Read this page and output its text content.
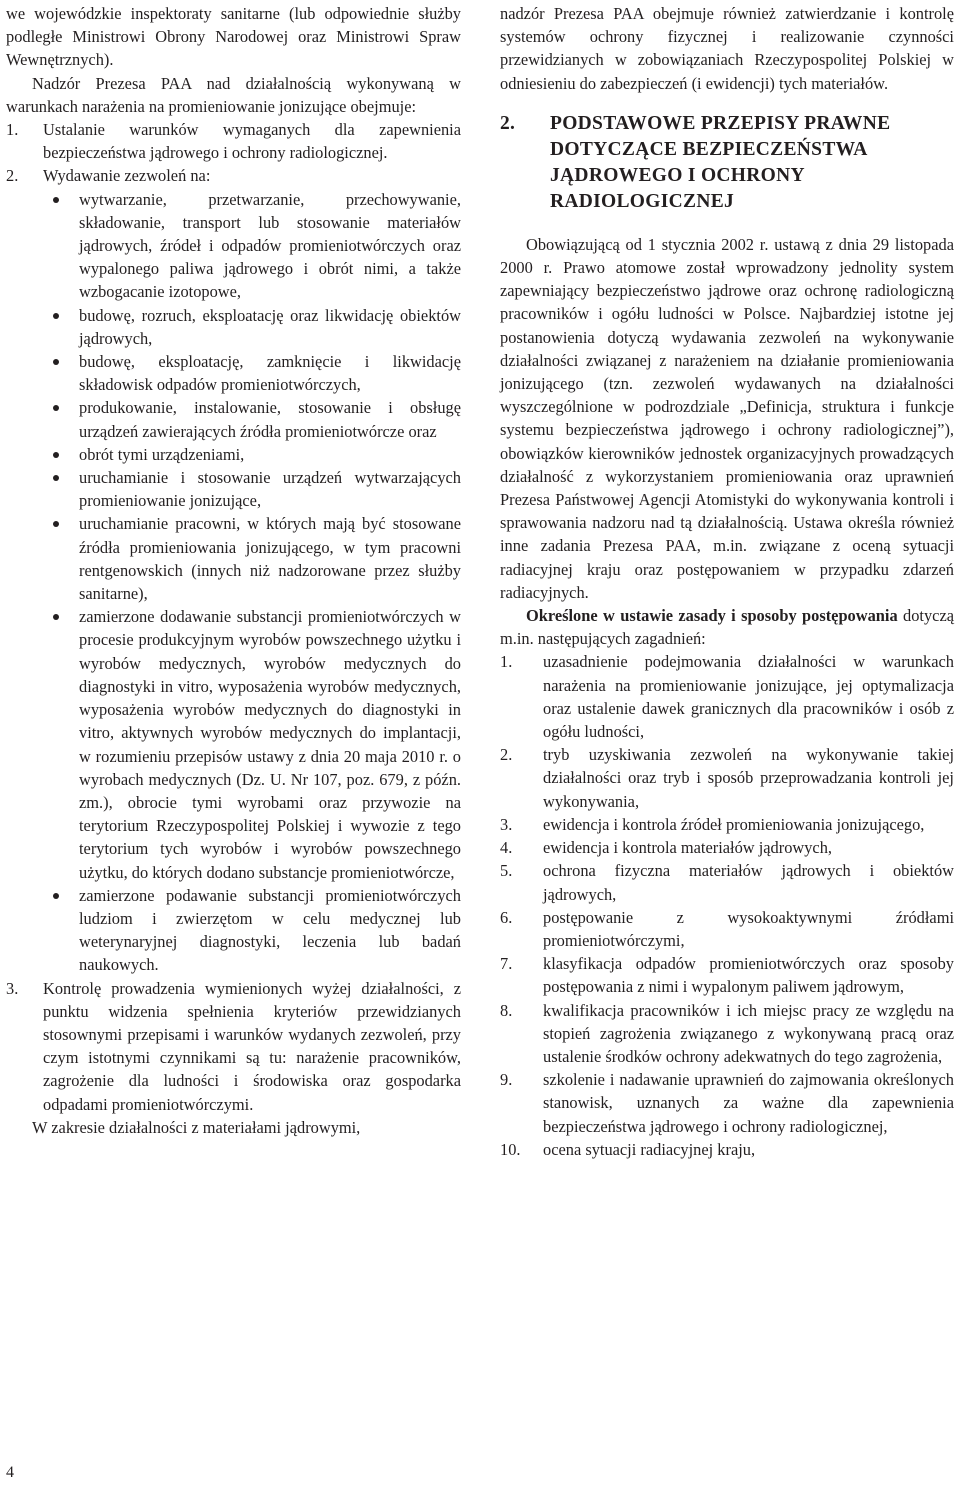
we wojewódzkie inspektoraty sanitarne (lub odpowiednie służby podległe Ministrowi Obrony Narodowej oraz Ministrowi Spraw Wewnętrznych).

Nadzór Prezesa PAA nad działalnością wykonywaną w warunkach narażenia na promieniowanie jonizujące obejmuje:

1. Ustalanie warunków wymaganych dla zapewnienia bezpieczeństwa jądrowego i ochrony radiologicznej.
2. Wydawanie zezwoleń na:
wytwarzanie, przetwarzanie, przechowywanie, składowanie, transport lub stosowanie materiałów jądrowych, źródeł i odpadów promieniotwórczych oraz wypalonego paliwa jądrowego i obrót nimi, a także wzbogacanie izotopowe,
budowę, rozruch, eksploatację oraz likwidację obiektów jądrowych,
budowę, eksploatację, zamknięcie i likwidację składowisk odpadów promieniotwórczych,
produkowanie, instalowanie, stosowanie i obsługę urządzeń zawierających źródła promieniotwórcze oraz
obrót tymi urządzeniami,
uruchamianie i stosowanie urządzeń wytwarzających promieniowanie jonizujące,
uruchamianie pracowni, w których mają być stosowane źródła promieniowania jonizującego, w tym pracowni rentgenowskich (innych niż nadzorowane przez służby sanitarne),
zamierzone dodawanie substancji promieniotwórczych w procesie produkcyjnym wyrobów powszechnego użytku i wyrobów medycznych, wyrobów medycznych do diagnostyki in vitro, wyposażenia wyrobów medycznych, wyposażenia wyrobów medycznych do diagnostyki in vitro, aktywnych wyrobów medycznych do implantacji, w rozumieniu przepisów ustawy z dnia 20 maja 2010 r. o wyrobach medycznych (Dz. U. Nr 107, poz. 679, z późn. zm.), obrocie tymi wyrobami oraz przywozie na terytorium Rzeczypospolitej Polskiej i wywozie z tego terytorium tych wyrobów i wyrobów powszechnego użytku, do których dodano substancje promieniotwórcze,
zamierzone podawanie substancji promieniotwórczych ludziom i zwierzętom w celu medycznej lub weterynaryjnej diagnostyki, leczenia lub badań naukowych.
3. Kontrolę prowadzenia wymienionych wyżej działalności, z punktu widzenia spełnienia kryteriów przewidzianych stosownymi przepisami i warunków wydanych zezwoleń, przy czym istotnymi czynnikami są tu: narażenie pracowników, zagrożenie dla ludności i środowiska oraz gospodarka odpadami promieniotwórczymi.

W zakresie działalności z materiałami jądrowymi,

nadzór Prezesa PAA obejmuje również zatwierdzanie i kontrolę systemów ochrony fizycznej i realizowanie czynności przewidzianych w zobowiązaniach Rzeczypospolitej Polskiej w odniesieniu do zabezpieczeń (i ewidencji) tych materiałów.

2. PODSTAWOWE PRZEPISY PRAWNE DOTYCZĄCE BEZPIECZEŃSTWA JĄDROWEGO I OCHRONY RADIOLOGICZNEJ

Obowiązującą od 1 stycznia 2002 r. ustawą z dnia 29 listopada 2000 r. Prawo atomowe został wprowadzony jednolity system zapewniający bezpieczeństwo jądrowe oraz ochronę radiologiczną pracowników i ogółu ludności w Polsce. Najbardziej istotne jej postanowienia dotyczą wydawania zezwoleń na wykonywanie działalności związanej z narażeniem na działanie promieniowania jonizującego (tzn. zezwoleń wydawanych na działalności wyszczególnione w podrozdziale „Definicja, struktura i funkcje systemu bezpieczeństwa jądrowego i ochrony radiologicznej”), obowiązków kierowników jednostek organizacyjnych prowadzących działalność z wykorzystaniem promieniowania oraz uprawnień Prezesa Państwowej Agencji Atomistyki do wykonywania kontroli i sprawowania nadzoru nad tą działalnością. Ustawa określa również inne zadania Prezesa PAA, m.in. związane z oceną sytuacji radiacyjnej kraju oraz postępowaniem w przypadku zdarzeń radiacyjnych.

Określone w ustawie zasady i sposoby postępowania dotyczą m.in. następujących zagadnień:

1. uzasadnienie podejmowania działalności w warunkach narażenia na promieniowanie jonizujące, jej optymalizacja oraz ustalenie dawek granicznych dla pracowników i osób z ogółu ludności,
2. tryb uzyskiwania zezwoleń na wykonywanie takiej działalności oraz tryb i sposób przeprowadzania kontroli jej wykonywania,
3. ewidencja i kontrola źródeł promieniowania jonizującego,
4. ewidencja i kontrola materiałów jądrowych,
5. ochrona fizyczna materiałów jądrowych i obiektów jądrowych,
6. postępowanie z wysokoaktywnymi źródłami promieniotwórczymi,
7. klasyfikacja odpadów promieniotwórczych oraz sposoby postępowania z nimi i wypalonym paliwem jądrowym,
8. kwalifikacja pracowników i ich miejsc pracy ze względu na stopień zagrożenia związanego z wykonywaną pracą oraz ustalenie środków ochrony adekwatnych do tego zagrożenia,
9. szkolenie i nadawanie uprawnień do zajmowania określonych stanowisk, uznanych za ważne dla zapewnienia bezpieczeństwa jądrowego i ochrony radiologicznej,
10. ocena sytuacji radiacyjnej kraju,
4
